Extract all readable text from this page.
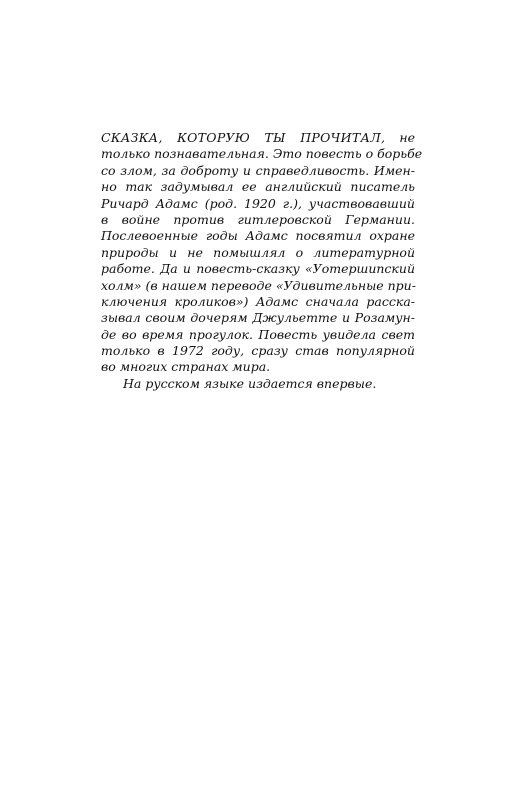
СКАЗКА, КОТОРУЮ ТЫ ПРОЧИТАЛ, не
только познавательная. Это повесть о борьбе
со злом, за доброту и справедливость. Имен-
но так задумывал ее английский писатель
Ричард Адамс (род. 1920 г.), участвовавший
в войне против гитлеровской Германии.
Послевоенные годы Адамс посвятил охране
природы и не помышлял о литературной
работе. Да и повесть-сказку «Уотершипский
холм» (в нашем переводе «Удивительные при-
ключения кроликов») Адамс сначала расска-
зывал своим дочерям Джульетте и Розамун-
де во время прогулок. Повесть увидела свет
только в 1972 году, сразу став популярной
во многих странах мира.
На русском языке издается впервые.
